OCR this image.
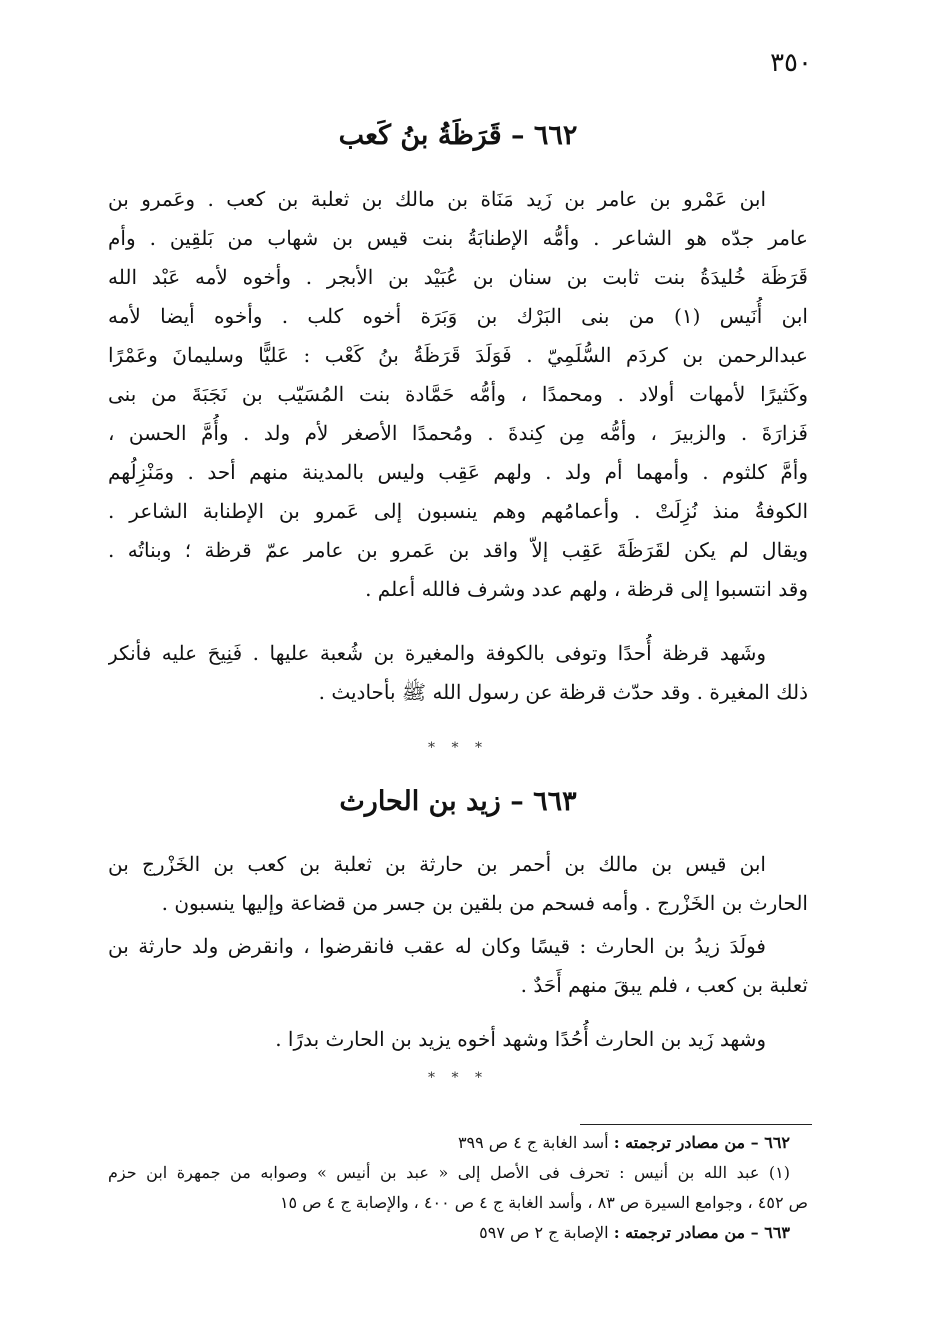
٣٥٠
٦٦٢ – قَرَظَةُ بنُ كَعب
ابن عَمْرو بن عامر بن زَيد مَنَاة بن مالك بن ثعلبة بن كعب . وعَمرو بن
عامر جدّه هو الشاعر . وأمُّه الإطنابَةُ بنت قيس بن شهاب من بَلقِين . وأم
قَرَظَة خُليدَةُ بنت ثابت بن سنان بن عُبَيْد بن الأبجر . وأخوه لأمه عَبْد الله
ابن أُنَيس (١) من بنى البَرْك بن وَبَرَة أخوه كلب . وأخوه أيضا لأمه
عبدالرحمن بن كردَم السُّلَمِيّ . فَوَلَدَ قَرَظَةُ بنُ كَعْب : عَليًّا وسليمانَ وعَمْرًا
وكَثيرًا لأمهات أولاد . ومحمدًا ، وأمُّه حَمَّادة بنت المُسَيّب بن نَجَبَةَ من بنى
فَزارَةَ . والزبيرَ ، وأمُّه مِن كِندةَ . ومُحمدًا الأصغر لأم ولد . وأُمَّ الحسن ،
وأمَّ كلثوم . وأمهما أم ولد . ولهم عَقِب وليس بالمدينة منهم أحد . ومَنْزِلُهم
الكوفةُ منذ نُزِلَتْ . وأعمامُهم وهم ينسبون إلى عَمرو بن الإطنابة الشاعر .
ويقال لم يكن لقَرَظَةَ عَقِب إلاّ واقد بن عَمرو بن عامر عمّ قرظة ؛ وبناتُه .
وقد انتسبوا إلى قرظة ، ولهم عدد وشرف فالله أعلم .
وشَهد قرظة أُحدًا وتوفى بالكوفة والمغيرة بن شُعبة عليها . فَنِيحَ عليه فأنكر
ذلك المغيرة . وقد حدّث قرظة عن رسول الله ﷺ بأحاديث .
* * *
٦٦٣ – زيد بن الحارث
ابن قيس بن مالك بن أحمر بن حارثة بن ثعلبة بن كعب بن الخَزْرج بن
الحارث بن الخَزْرج . وأمه فسحم من بلقين بن جسر من قضاعة وإليها ينسبون .
فولَدَ زيدُ بن الحارث : قيسًا وكان له عقب فانقرضوا ، وانقرض ولد حارثة بن
ثعلبة بن كعب ، فلم يبقَ منهم أَحَدٌ .
وشهد زَيد بن الحارث أُحُدًا وشهد أخوه يزيد بن الحارث بدرًا .
* * *
٦٦٢ – من مصادر ترجمته : أسد الغابة ج ٤ ص ٣٩٩
(١) عبد الله بن أنيس : تحرف فى الأصل إلى « عبد بن أنيس » وصوابه من جمهرة ابن حزم
ص ٤٥٢ ، وجوامع السيرة ص ٨٣ ، وأسد الغابة ج ٤ ص ٤٠٠ ، والإصابة ج ٤ ص ١٥
٦٦٣ – من مصادر ترجمته : الإصابة ج ٢ ص ٥٩٧
